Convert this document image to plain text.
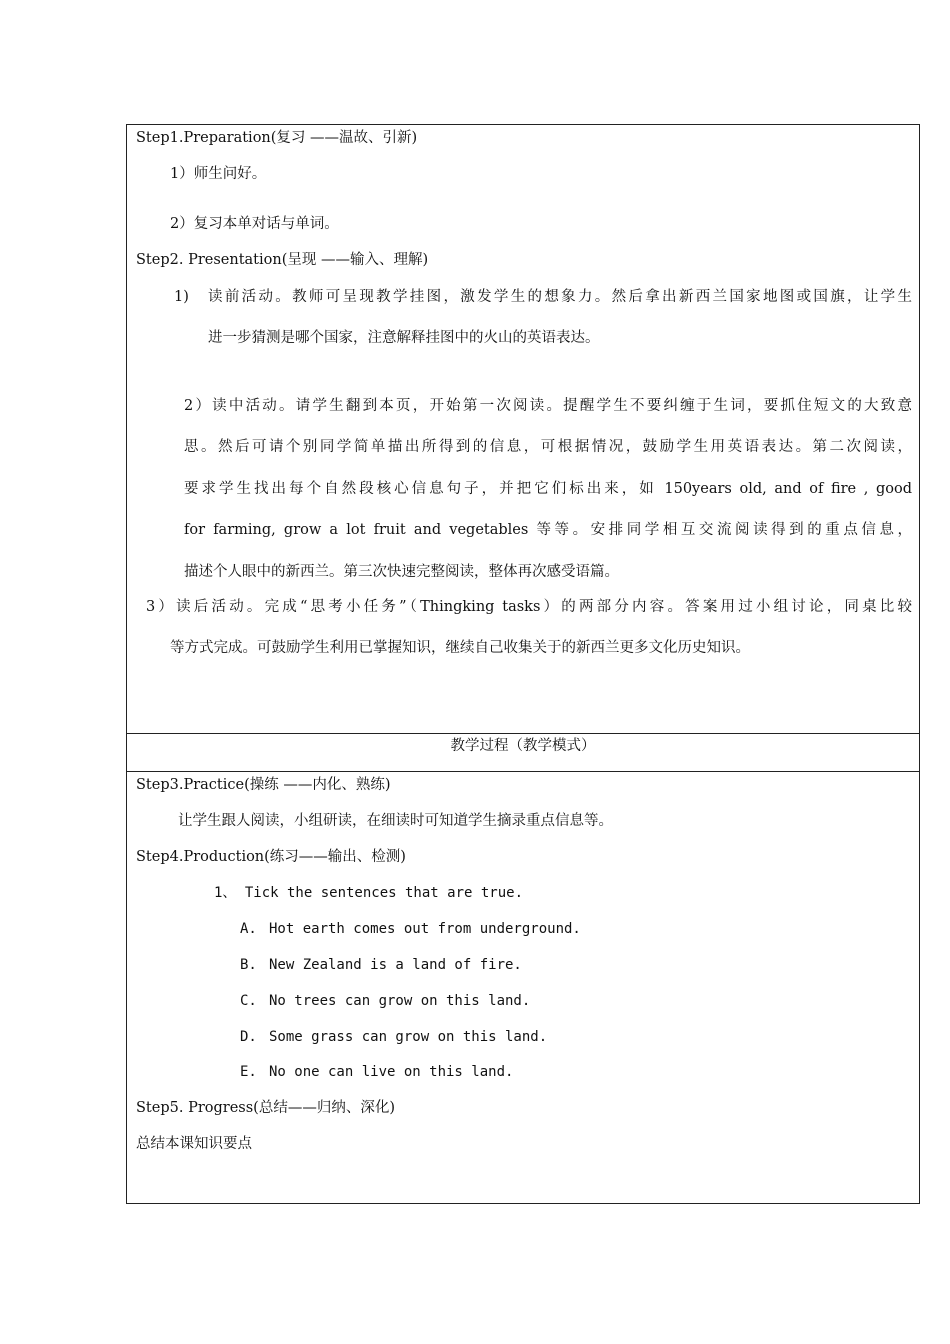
Step1.Preparation(复习 ——温故、引新)
1）师生问好。
2）复习本单对话与单词。
Step2. Presentation(呈现 ——输入、理解)
1) 读前活动。教师可呈现教学挂图，激发学生的想象力。然后拿出新西兰国家地图或国旗，让学生
进一步猜测是哪个国家，注意解释挂图中的火山的英语表达。
2）读中活动。请学生翻到本页，开始第一次阅读。提醒学生不要纠缠于生词，要抓住短文的大致意
思。然后可请个别同学简单描出所得到的信息，可根据情况，鼓励学生用英语表达。第二次阅读，
要求学生找出每个自然段核心信息句子，并把它们标出来，如 150years old, and of fire , good
for farming, grow a lot fruit and vegetables 等等。安排同学相互交流阅读得到的重点信息，
描述个人眼中的新西兰。第三次快速完整阅读，整体再次感受语篇。
3）读后活动。完成“思考小任务”（Thingking tasks）的两部分内容。答案用过小组讨论，同桌比较
等方式完成。可鼓励学生利用已掌握知识，继续自己收集关于的新西兰更多文化历史知识。
教学过程（教学模式）
Step3.Practice(操练 ——内化、熟练)
让学生跟人阅读，小组研读，在细读时可知道学生摘录重点信息等。
Step4.Production(练习——输出、检测)
1、 Tick the sentences that are true.
A. Hot earth comes out from underground.
B. New Zealand is a land of fire.
C. No trees can grow on this land.
D. Some grass can grow on this land.
E. No one can live on this land.
Step5. Progress(总结——归纳、深化)
总结本课知识要点
